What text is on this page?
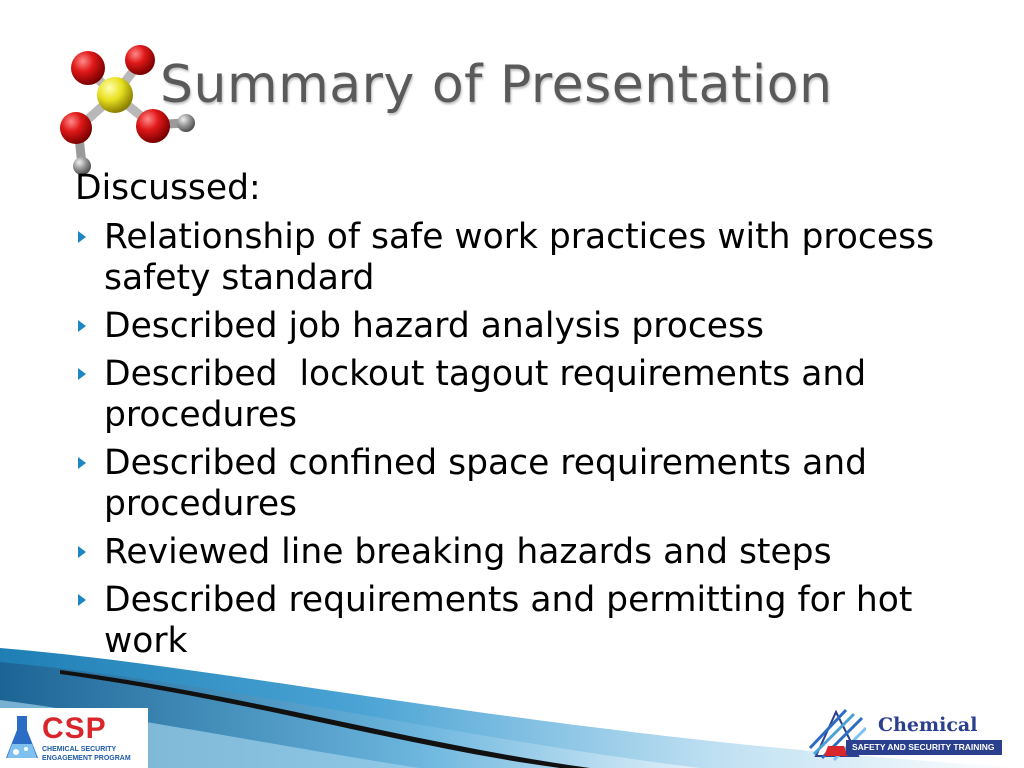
Summary of Presentation

Discussed:

Relationship of safe work practices with process safety standard
Described job hazard analysis process
Described  lockout tagout requirements and procedures
Described confined space requirements and procedures
Reviewed line breaking hazards and steps
Described requirements and permitting for hot work
CSP
CHEMICAL SECURITY
ENGAGEMENT PROGRAM
Chemical
SAFETY AND SECURITY TRAINING
